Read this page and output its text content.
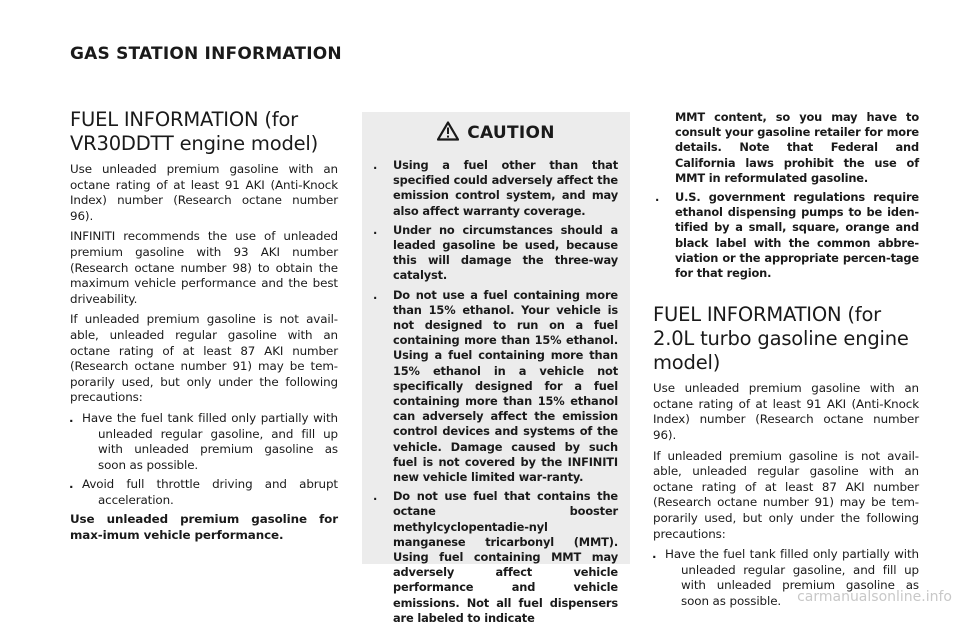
GAS STATION INFORMATION
FUEL INFORMATION (for VR30DDTT engine model)

Use unleaded premium gasoline with an octane rating of at least 91 AKI (Anti-Knock Index) number (Research octane number 96).

INFINITI recommends the use of unleaded premium gasoline with 93 AKI number (Research octane number 98) to obtain the maximum vehicle performance and the best driveability.

If unleaded premium gasoline is not avail-able, unleaded regular gasoline with an octane rating of at least 87 AKI number (Research octane number 91) may be tem-porarily used, but only under the following precautions:

. Have the fuel tank filled only partially with unleaded regular gasoline, and fill up with unleaded premium gasoline as soon as possible.
. Avoid full throttle driving and abrupt acceleration.

Use unleaded premium gasoline for max-imum vehicle performance.

CAUTION
. Using a fuel other than that specified could adversely affect the emission control system, and may also affect warranty coverage.
. Under no circumstances should a leaded gasoline be used, because this will damage the three-way catalyst.
. Do not use a fuel containing more than 15% ethanol. Your vehicle is not designed to run on a fuel containing more than 15% ethanol. Using a fuel containing more than 15% ethanol in a vehicle not specifically designed for a fuel containing more than 15% ethanol can adversely affect the emission control devices and systems of the vehicle. Damage caused by such fuel is not covered by the INFINITI new vehicle limited war-ranty.
. Do not use fuel that contains the octane booster methylcyclopentadie-nyl manganese tricarbonyl (MMT). Using fuel containing MMT may adversely affect vehicle performance and vehicle emissions. Not all fuel dispensers are labeled to indicate

MMT content, so you may have to consult your gasoline retailer for more details. Note that Federal and California laws prohibit the use of MMT in reformulated gasoline.

.	U.S. government regulations require ethanol dispensing pumps to be iden-tified by a small, square, orange and black label with the common abbre-viation or the appropriate percen-tage for that region.
FUEL INFORMATION (for 2.0L turbo gasoline engine model)

Use unleaded premium gasoline with an octane rating of at least 91 AKI (Anti-Knock Index) number (Research octane number 96).

If unleaded premium gasoline is not avail-able, unleaded regular gasoline with an octane rating of at least 87 AKI number (Research octane number 91) may be tem-porarily used, but only under the following precautions:

. Have the fuel tank filled only partially with unleaded regular gasoline, and fill up with unleaded premium gasoline as soon as possible.	carmanualsonline.info
